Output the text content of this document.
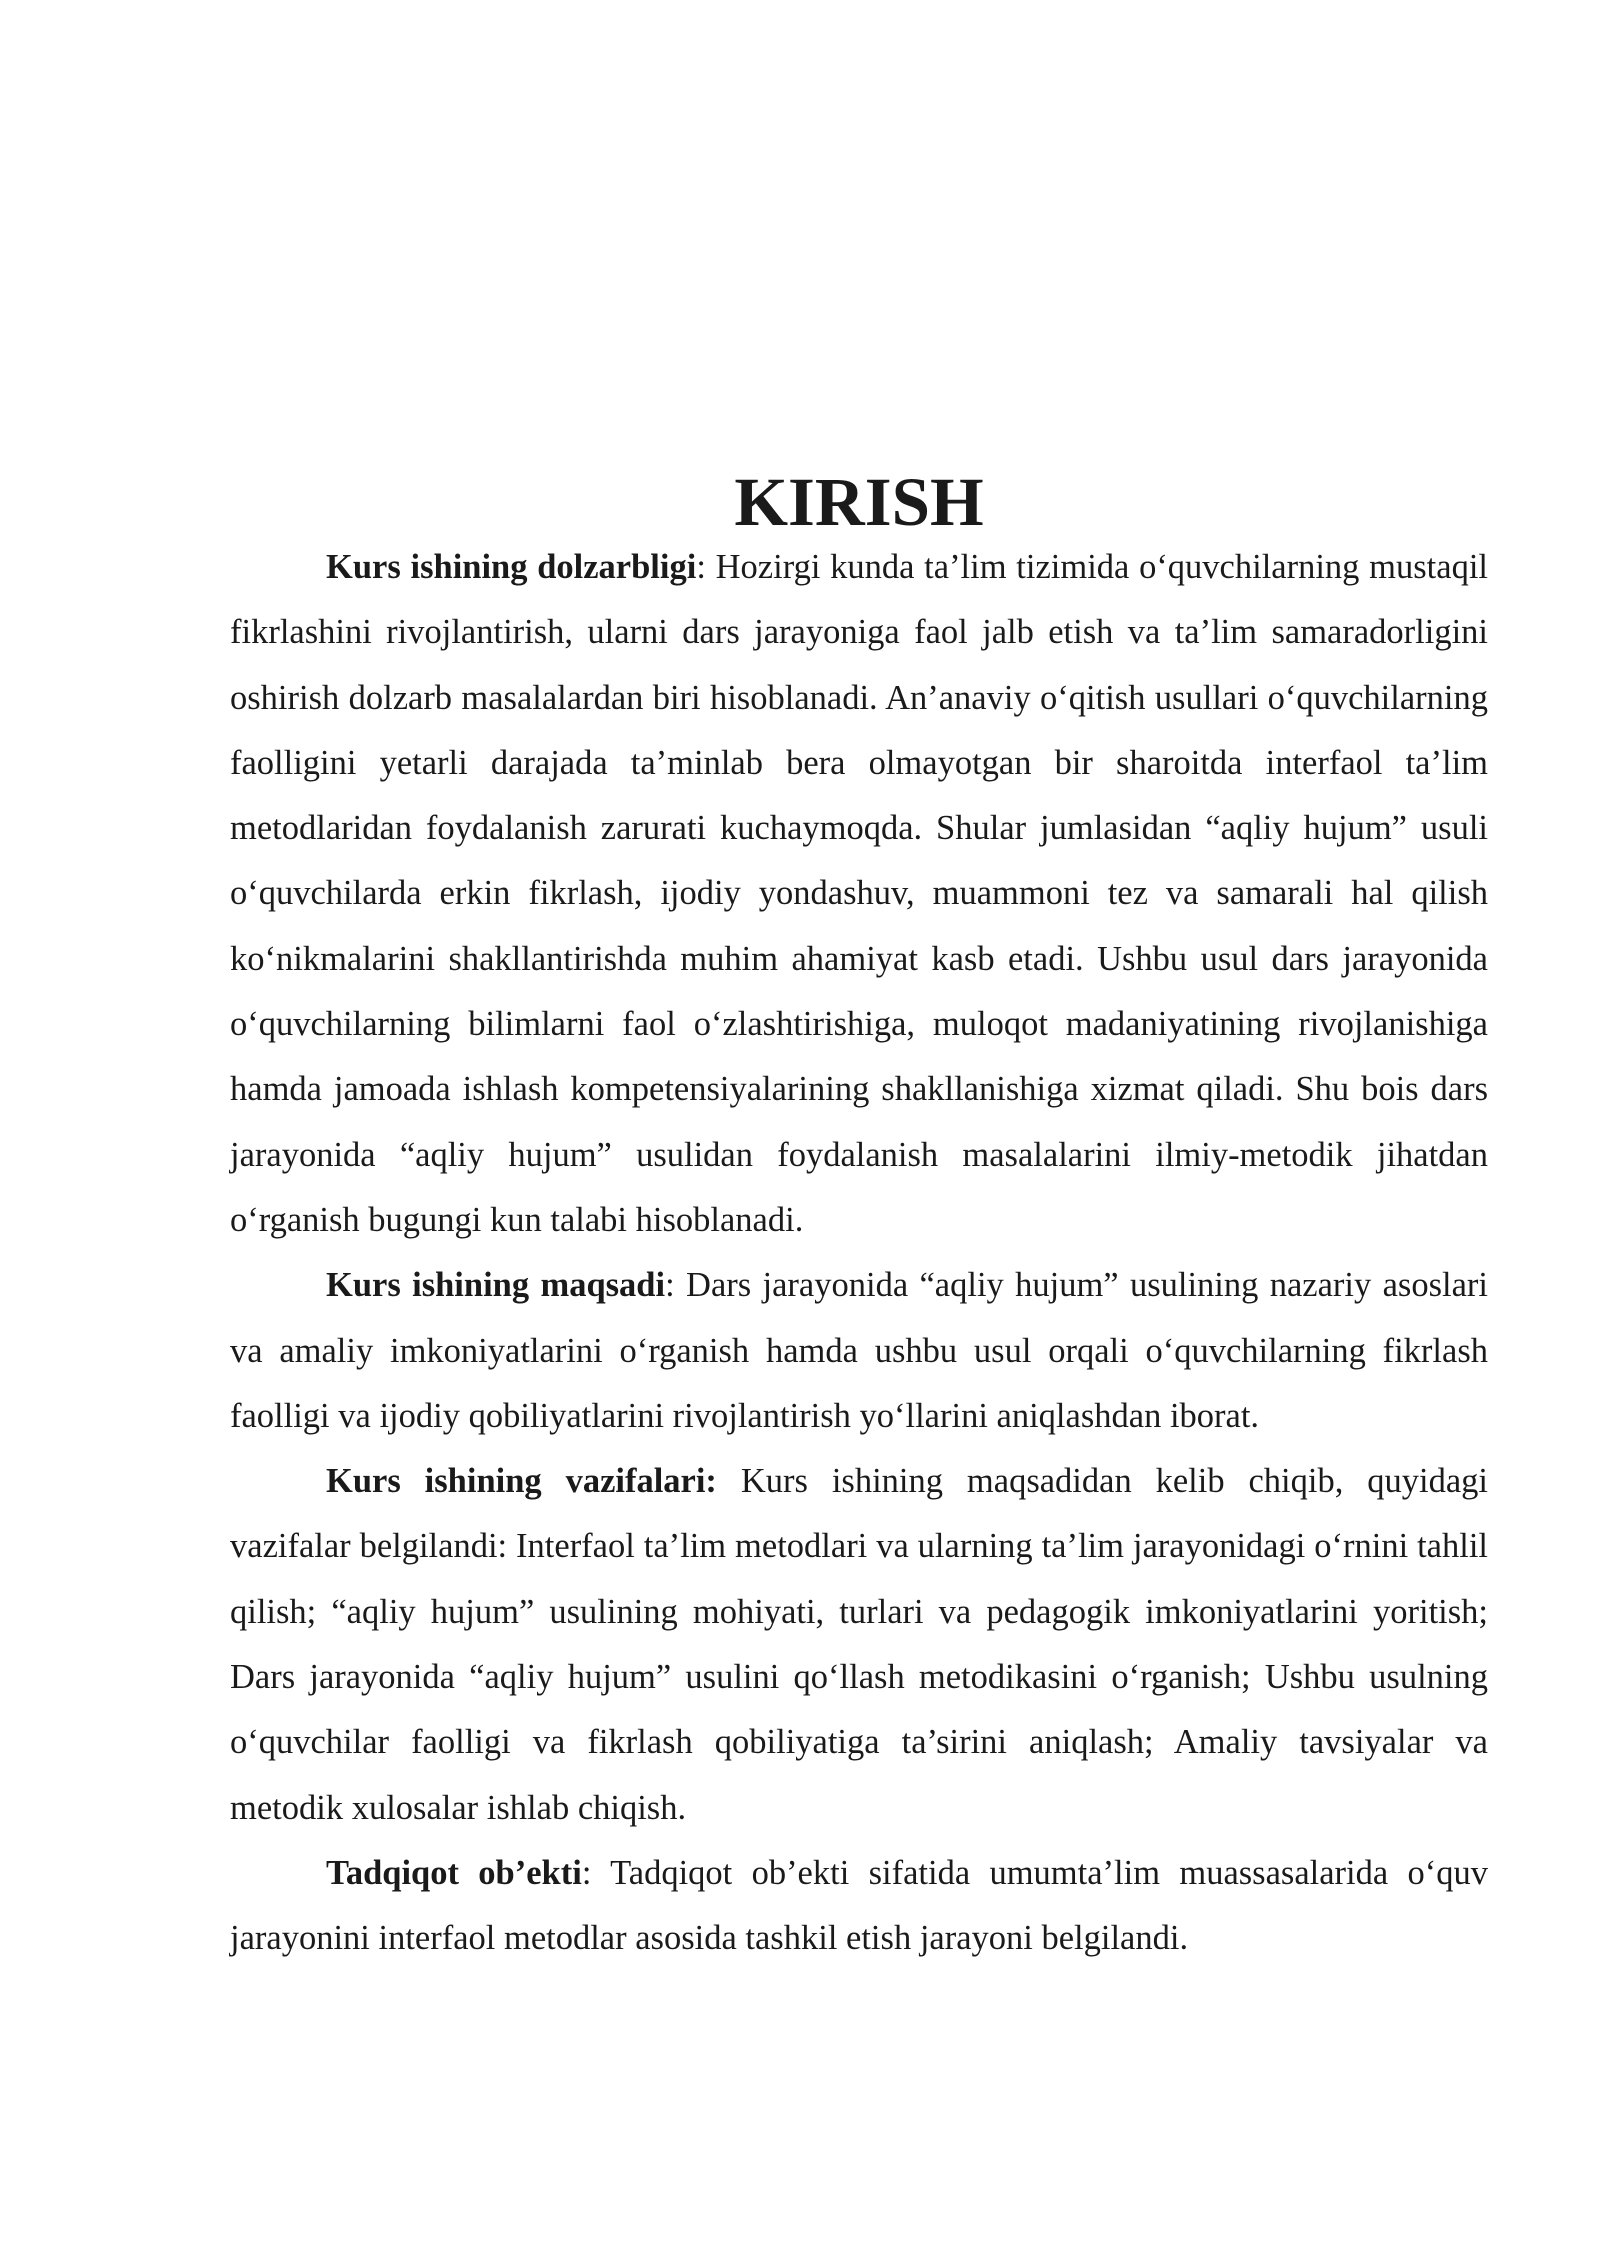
KIRISH

Kurs ishining dolzarbligi: Hozirgi kunda ta’lim tizimida o‘quvchilarning mustaqil fikrlashini rivojlantirish, ularni dars jarayoniga faol jalb etish va ta’lim samaradorligini oshirish dolzarb masalalardan biri hisoblanadi. An’anaviy o‘qitish usullari o‘quvchilarning faolligini yetarli darajada ta’minlab bera olmayotgan bir sharoitda interfaol ta’lim metodlaridan foydalanish zarurati kuchaymoqda. Shular jumlasidan “aqliy hujum” usuli o‘quvchilarda erkin fikrlash, ijodiy yondashuv, muammoni tez va samarali hal qilish ko‘nikmalarini shakllantirishda muhim ahamiyat kasb etadi. Ushbu usul dars jarayonida o‘quvchilarning bilimlarni faol o‘zlashtirishiga, muloqot madaniyatining rivojlanishiga hamda jamoada ishlash kompetensiyalarining shakllanishiga xizmat qiladi. Shu bois dars jarayonida “aqliy hujum” usulidan foydalanish masalalarini ilmiy-metodik jihatdan o‘rganish bugungi kun talabi hisoblanadi.

Kurs ishining maqsadi: Dars jarayonida “aqliy hujum” usulining nazariy asoslari va amaliy imkoniyatlarini o‘rganish hamda ushbu usul orqali o‘quvchilarning fikrlash faolligi va ijodiy qobiliyatlarini rivojlantirish yo‘llarini aniqlashdan iborat.

Kurs ishining vazifalari: Kurs ishining maqsadidan kelib chiqib, quyidagi vazifalar belgilandi: Interfaol ta’lim metodlari va ularning ta’lim jarayonidagi o‘rnini tahlil qilish; “aqliy hujum” usulining mohiyati, turlari va pedagogik imkoniyatlarini yoritish; Dars jarayonida “aqliy hujum” usulini qo‘llash metodikasini o‘rganish; Ushbu usulning o‘quvchilar faolligi va fikrlash qobiliyatiga ta’sirini aniqlash; Amaliy tavsiyalar va metodik xulosalar ishlab chiqish.

Tadqiqot ob’ekti: Tadqiqot ob’ekti sifatida umumta’lim muassasalarida o‘quv jarayonini interfaol metodlar asosida tashkil etish jarayoni belgilandi.
